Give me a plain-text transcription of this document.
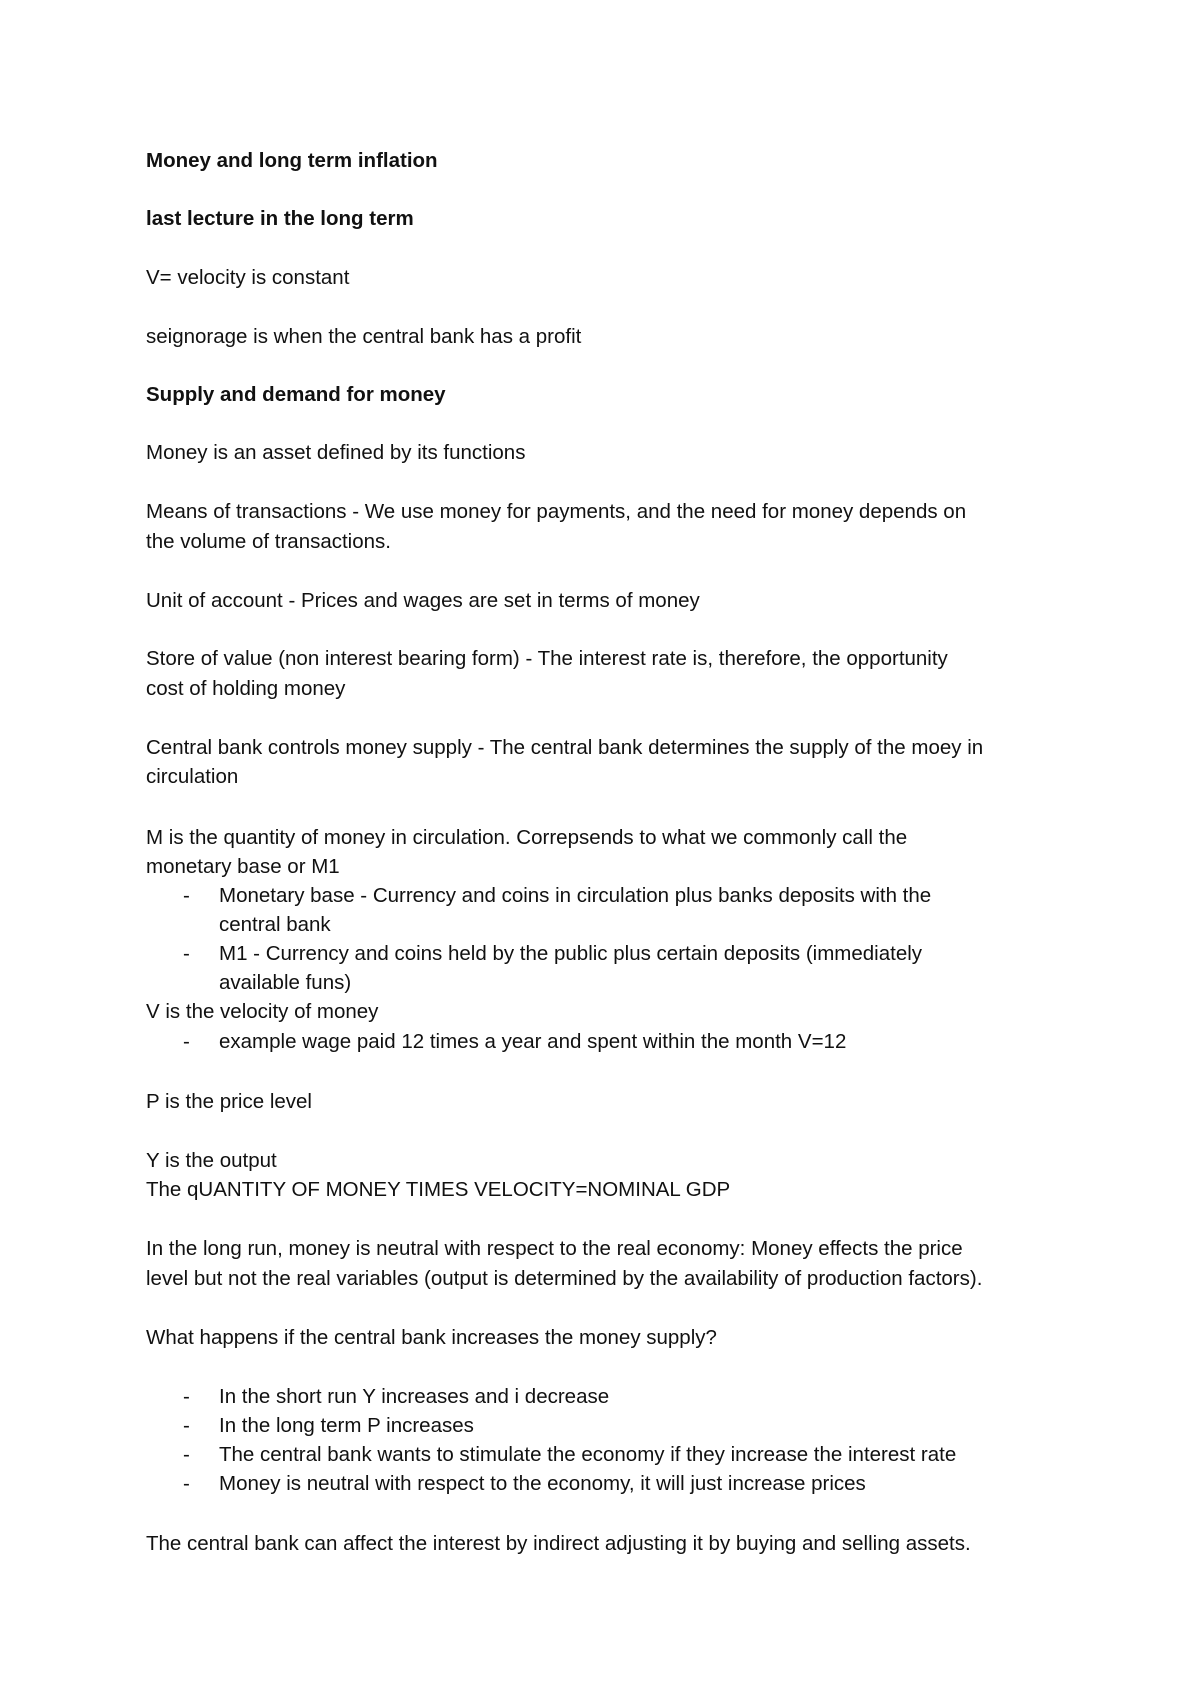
Money and long term inflation

last lecture in the long term

V= velocity is constant

seignorage is when the central bank has a profit

Supply and demand for money

Money is an asset defined by its functions

Means of transactions - We use money for payments, and the need for money depends on

the volume of transactions.

Unit of account - Prices and wages are set in terms of money

Store of value (non interest bearing form) - The interest rate is, therefore, the opportunity

cost of holding money

Central bank controls money supply - The central bank determines the supply of the moey in

circulation

M is the quantity of money in circulation. Correpsends to what we commonly call the

monetary base or M1

- Monetary base - Currency and coins in circulation plus banks deposits with the

central bank

- M1 - Currency and coins held by the public plus certain deposits (immediately

available funs)

V is the velocity of money

- example wage paid 12 times a year and spent within the month V=12

P is the price level

Y is the output

The qUANTITY OF MONEY TIMES VELOCITY=NOMINAL GDP

In the long run, money is neutral with respect to the real economy: Money effects the price

level but not the real variables (output is determined by the availability of production factors).

What happens if the central bank increases the money supply?

- In the short run Y increases and i decrease

- In the long term P increases

- The central bank wants to stimulate the economy if they increase the interest rate

- Money is neutral with respect to the economy, it will just increase prices

The central bank can affect the interest by indirect adjusting it by buying and selling assets.
